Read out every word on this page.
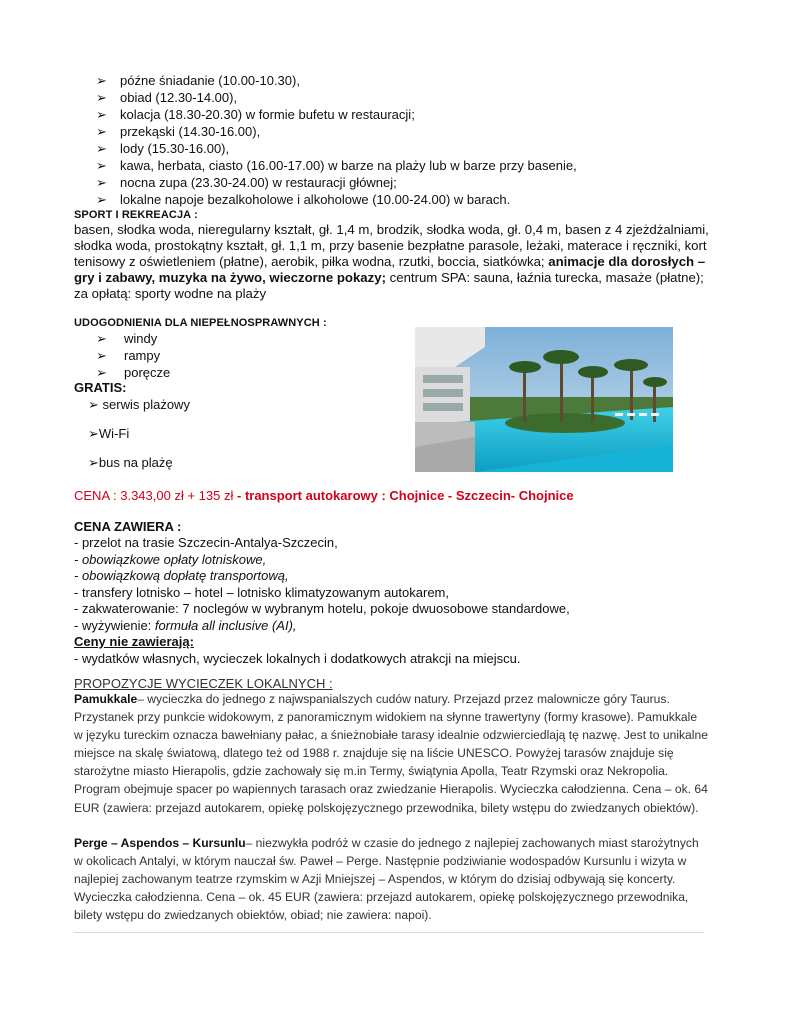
➢ późne śniadanie (10.00-10.30),
➢ obiad (12.30-14.00),
➢ kolacja (18.30-20.30) w formie bufetu w restauracji;
➢ przekąski (14.30-16.00),
➢ lody (15.30-16.00),
➢ kawa, herbata, ciasto (16.00-17.00) w barze na plaży lub w barze przy basenie,
➢ nocna zupa (23.30-24.00) w restauracji głównej;
➢ lokalne napoje bezalkoholowe i alkoholowe (10.00-24.00) w barach.
SPORT I REKREACJA :
basen, słodka woda, nieregularny kształt, gł. 1,4 m, brodzik, słodka woda, gł. 0,4 m, basen z 4 zjeżdżalniami, słodka woda, prostokątny kształt, gł. 1,1 m, przy basenie bezpłatne parasole, leżaki, materace i ręczniki, kort tenisowy z oświetleniem (płatne), aerobik, piłka wodna, rzutki, boccia, siatkówka; animacje dla dorosłych – gry i zabawy, muzyka na żywo, wieczorne pokazy; centrum SPA: sauna, łaźnia turecka, masaże (płatne); za opłatą: sporty wodne na plaży
UDOGODNIENIA DLA NIEPEŁNOSPRAWNYCH :
➢ windy
➢ rampy
➢ poręcze
GRATIS:
➢ serwis plażowy
➢Wi-Fi
➢bus na plażę
CENA : 3.343,00 zł + 135 zł - transport autokarowy : Chojnice - Szczecin- Chojnice
CENA ZAWIERA :
- przelot na trasie Szczecin-Antalya-Szczecin,
- obowiązkowe opłaty lotniskowe,
- obowiązkową dopłatę transportową,
- transfery lotnisko – hotel – lotnisko klimatyzowanym autokarem,
- zakwaterowanie: 7 noclegów w wybranym hotelu, pokoje dwuosobowe standardowe,
- wyżywienie: formuła all inclusive (AI),
Ceny nie zawierają:
- wydatków własnych, wycieczek lokalnych i dodatkowych atrakcji na miejscu.
PROPOZYCJE WYCIECZEK LOKALNYCH :
Pamukkale– wycieczka do jednego z najwspanialszych cudów natury. Przejazd przez malownicze góry Taurus. Przystanek przy punkcie widokowym, z panoramicznym widokiem na słynne trawertyny (formy krasowe). Pamukkale w języku tureckim oznacza bawełniany pałac, a śnieżnobiałe tarasy idealnie odzwierciedlają tę nazwę. Jest to unikalne miejsce na skalę światową, dlatego też od 1988 r. znajduje się na liście UNESCO. Powyżej tarasów znajduje się starożytne miasto Hierapolis, gdzie zachowały się m.in Termy, świątynia Apolla, Teatr Rzymski oraz Nekropolia. Program obejmuje spacer po wapiennych tarasach oraz zwiedzanie Hierapolis. Wycieczka całodzienna. Cena – ok. 64 EUR (zawiera: przejazd autokarem, opiekę polskojęzycznego przewodnika, bilety wstępu do zwiedzanych obiektów).
Perge – Aspendos – Kursunlu– niezwykła podróż w czasie do jednego z najlepiej zachowanych miast starożytnych w okolicach Antalyi, w którym nauczał św. Paweł – Perge. Następnie podziwianie wodospadów Kursunlu i wizyta w najlepiej zachowanym teatrze rzymskim w Azji Mniejszej – Aspendos, w którym do dzisiaj odbywają się koncerty. Wycieczka całodzienna. Cena – ok. 45 EUR (zawiera: przejazd autokarem, opiekę polskojęzycznego przewodnika, bilety wstępu do zwiedzanych obiektów, obiad; nie zawiera: napoi).
